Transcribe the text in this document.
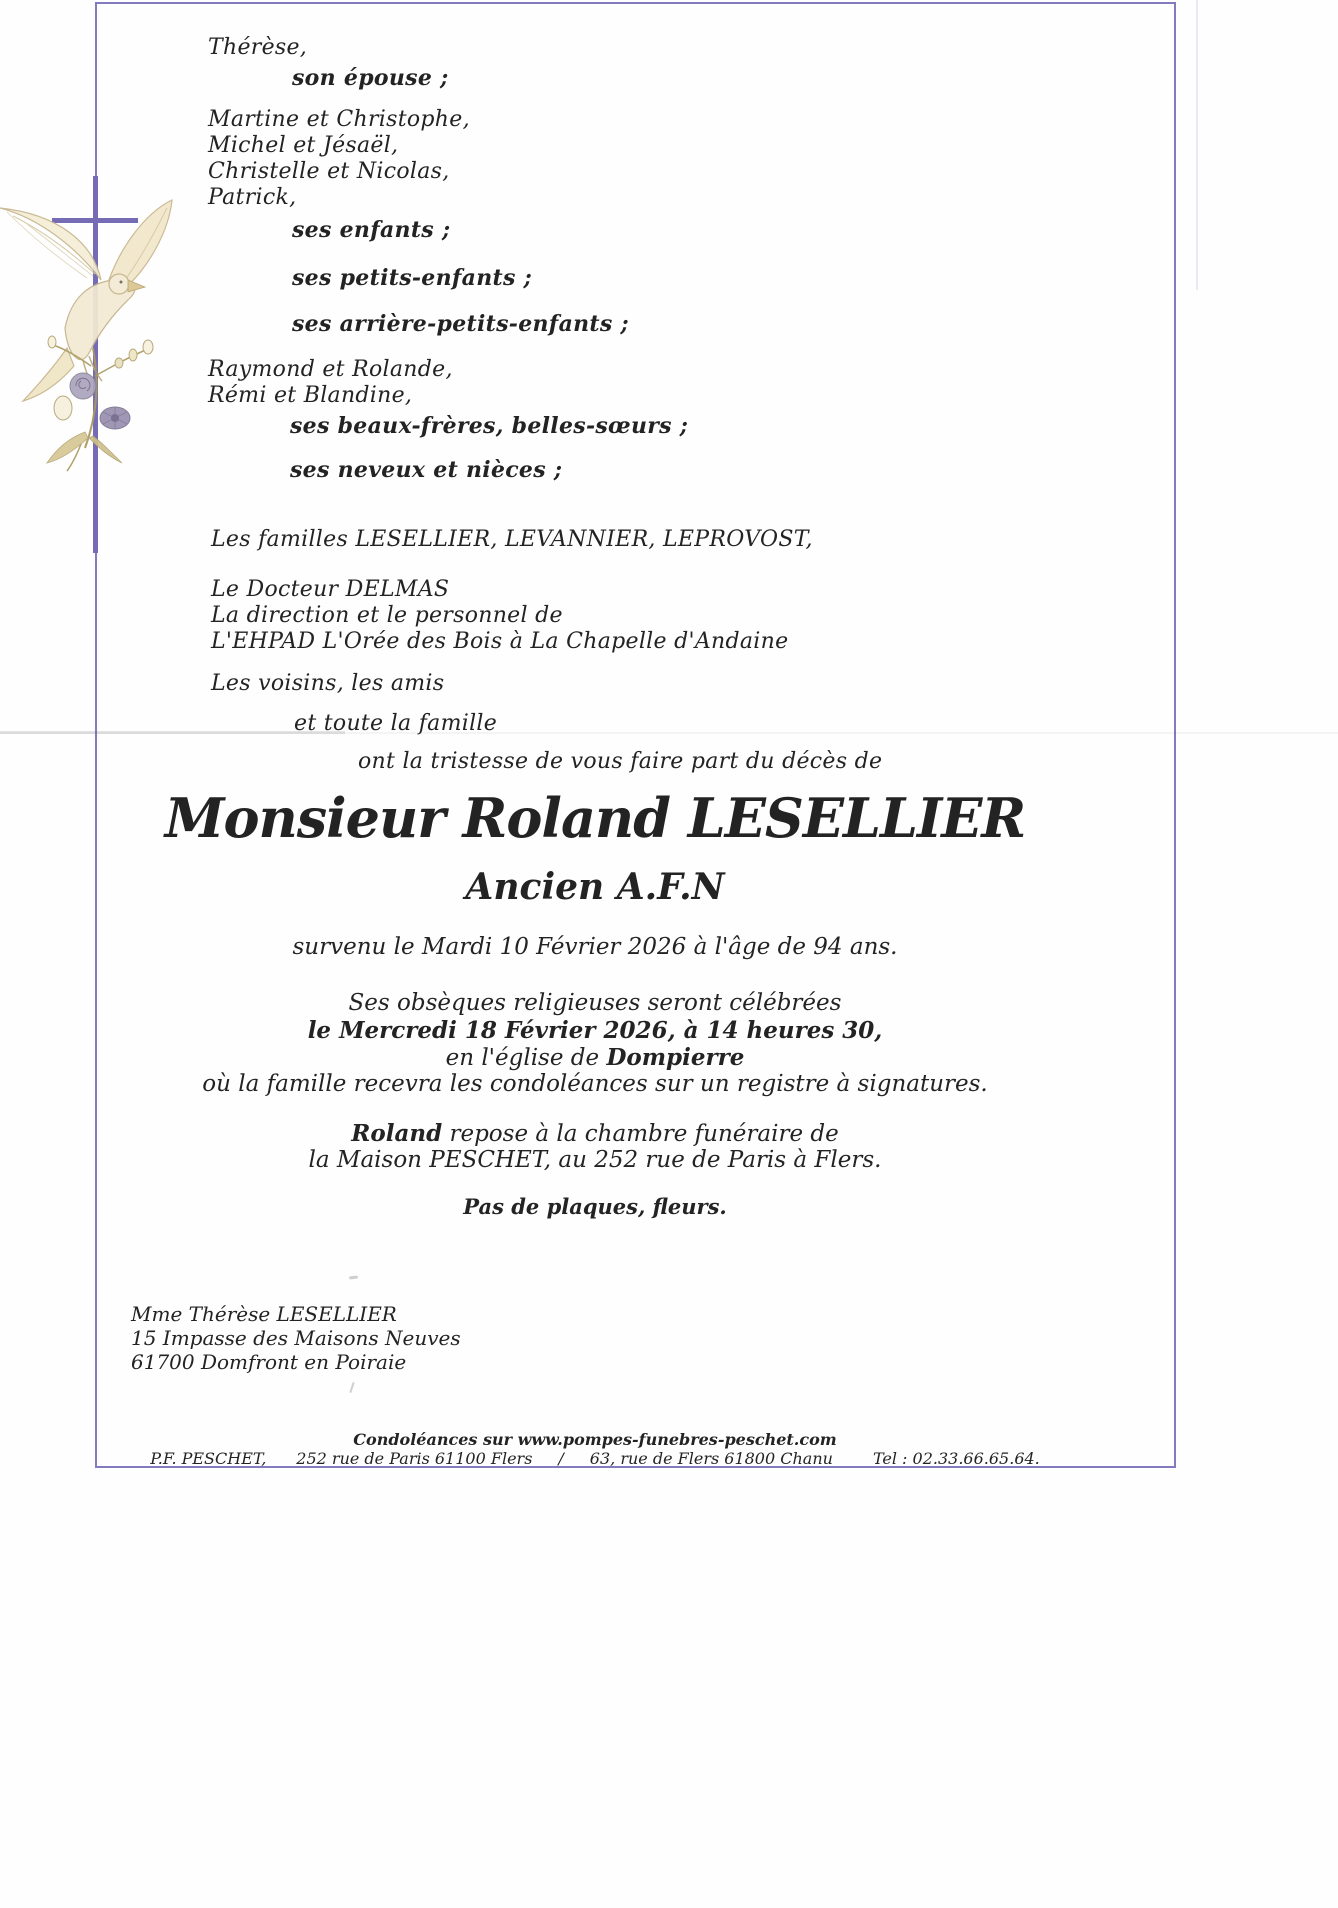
Thérèse,
son épouse ;
Martine et Christophe,
Michel et Jésaël,
Christelle et Nicolas,
Patrick,
ses enfants ;
ses petits-enfants ;
ses arrière-petits-enfants ;
Raymond et Rolande,
Rémi et Blandine,
ses beaux-frères, belles-sœurs ;
ses neveux et nièces ;
Les familles LESELLIER, LEVANNIER, LEPROVOST,
Le Docteur DELMAS
La direction et le personnel de
L'EHPAD L'Orée des Bois à La Chapelle d'Andaine
Les voisins, les amis
et toute la famille
ont la tristesse de vous faire part du décès de
Monsieur Roland LESELLIER
Ancien A.F.N
survenu le Mardi 10 Février 2026 à l'âge de 94 ans.
Ses obsèques religieuses seront célébrées
le Mercredi 18 Février 2026, à 14 heures 30,
en l'église de Dompierre
où la famille recevra les condoléances sur un registre à signatures.
Roland repose à la chambre funéraire de
la Maison PESCHET, au 252 rue de Paris à Flers.
Pas de plaques, fleurs.
Mme Thérèse LESELLIER
15 Impasse des Maisons Neuves
61700 Domfront en Poiraie
Condoléances sur www.pompes-funebres-peschet.com
P.F. PESCHET, 252 rue de Paris 61100 Flers / 63, rue de Flers 61800 Chanu	Tel : 02.33.66.65.64.
